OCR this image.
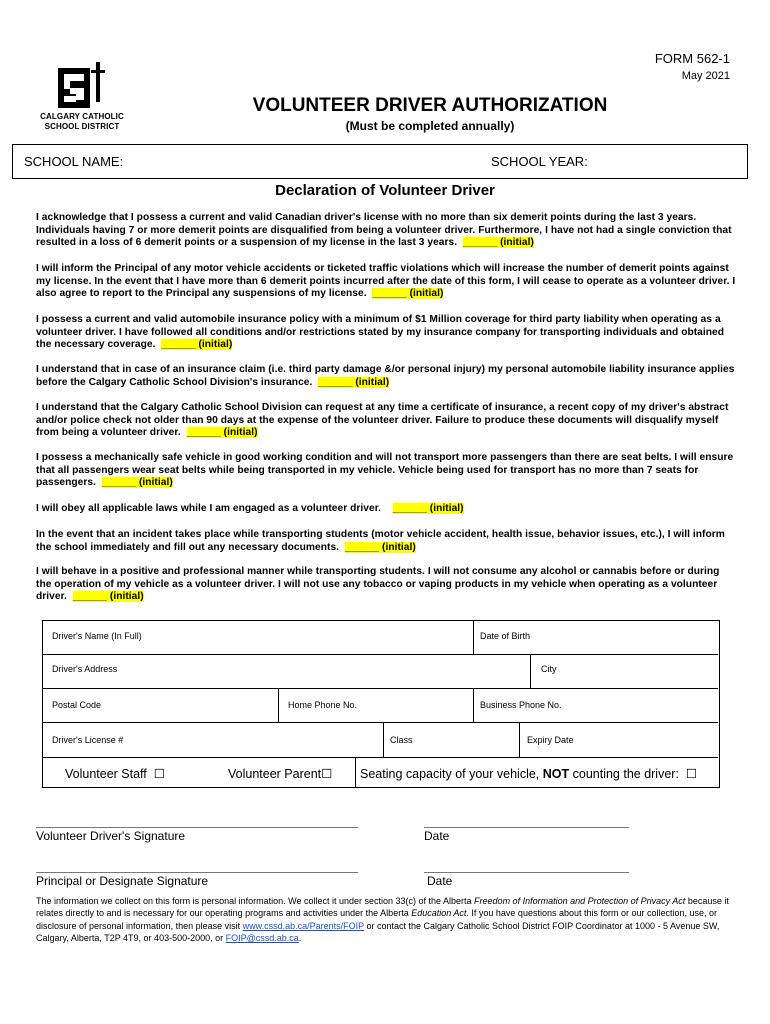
FORM 562-1
May 2021
CALGARY CATHOLIC
SCHOOL DISTRICT
VOLUNTEER DRIVER AUTHORIZATION
(Must be completed annually)
SCHOOL NAME:	SCHOOL YEAR:
Declaration of Volunteer Driver
I acknowledge that I possess a current and valid Canadian driver's license with no more than six demerit points during the last 3 years. Individuals having 7 or more demerit points are disqualified from being a volunteer driver. Furthermore, I have not had a single conviction that resulted in a loss of 6 demerit points or a suspension of my license in the last 3 years. ______ (initial)
I will inform the Principal of any motor vehicle accidents or ticketed traffic violations which will increase the number of demerit points against my license. In the event that I have more than 6 demerit points incurred after the date of this form, I will cease to operate as a volunteer driver. I also agree to report to the Principal any suspensions of my license. ______ (initial)
I possess a current and valid automobile insurance policy with a minimum of $1 Million coverage for third party liability when operating as a volunteer driver. I have followed all conditions and/or restrictions stated by my insurance company for transporting individuals and obtained the necessary coverage. ______ (initial)
I understand that in case of an insurance claim (i.e. third party damage &/or personal injury) my personal automobile liability insurance applies before the Calgary Catholic School Division's insurance. ______ (initial)
I understand that the Calgary Catholic School Division can request at any time a certificate of insurance, a recent copy of my driver's abstract and/or police check not older than 90 days at the expense of the volunteer driver. Failure to produce these documents will disqualify myself from being a volunteer driver. ______ (initial)
I possess a mechanically safe vehicle in good working condition and will not transport more passengers than there are seat belts. I will ensure that all passengers wear seat belts while being transported in my vehicle. Vehicle being used for transport has no more than 7 seats for passengers. ______ (initial)
I will obey all applicable laws while I am engaged as a volunteer driver. ______ (initial)
In the event that an incident takes place while transporting students (motor vehicle accident, health issue, behavior issues, etc.), I will inform the school immediately and fill out any necessary documents. ______ (initial)
I will behave in a positive and professional manner while transporting students. I will not consume any alcohol or cannabis before or during the operation of my vehicle as a volunteer driver. I will not use any tobacco or vaping products in my vehicle when operating as a volunteer driver. ______ (initial)
Driver's Name (In Full)	Date of Birth
Driver's Address	City
Postal Code	Home Phone No.	Business Phone No.
Driver's License #	Class	Expiry Date
Volunteer Staff ☐	Volunteer Parent☐ Seating capacity of your vehicle, NOT counting the driver: ☐
Volunteer Driver's Signature	Date
Principal or Designate Signature	Date
The information we collect on this form is personal information. We collect it under section 33(c) of the Alberta Freedom of Information and Protection of Privacy Act because it relates directly to and is necessary for our operating programs and activities under the Alberta Education Act. If you have questions about this form or our collection, use, or disclosure of personal information, then please visit www.cssd.ab.ca/Parents/FOIP or contact the Calgary Catholic School District FOIP Coordinator at 1000 - 5 Avenue SW, Calgary, Alberta, T2P 4T9, or 403-500-2000, or FOIP@cssd.ab.ca.
